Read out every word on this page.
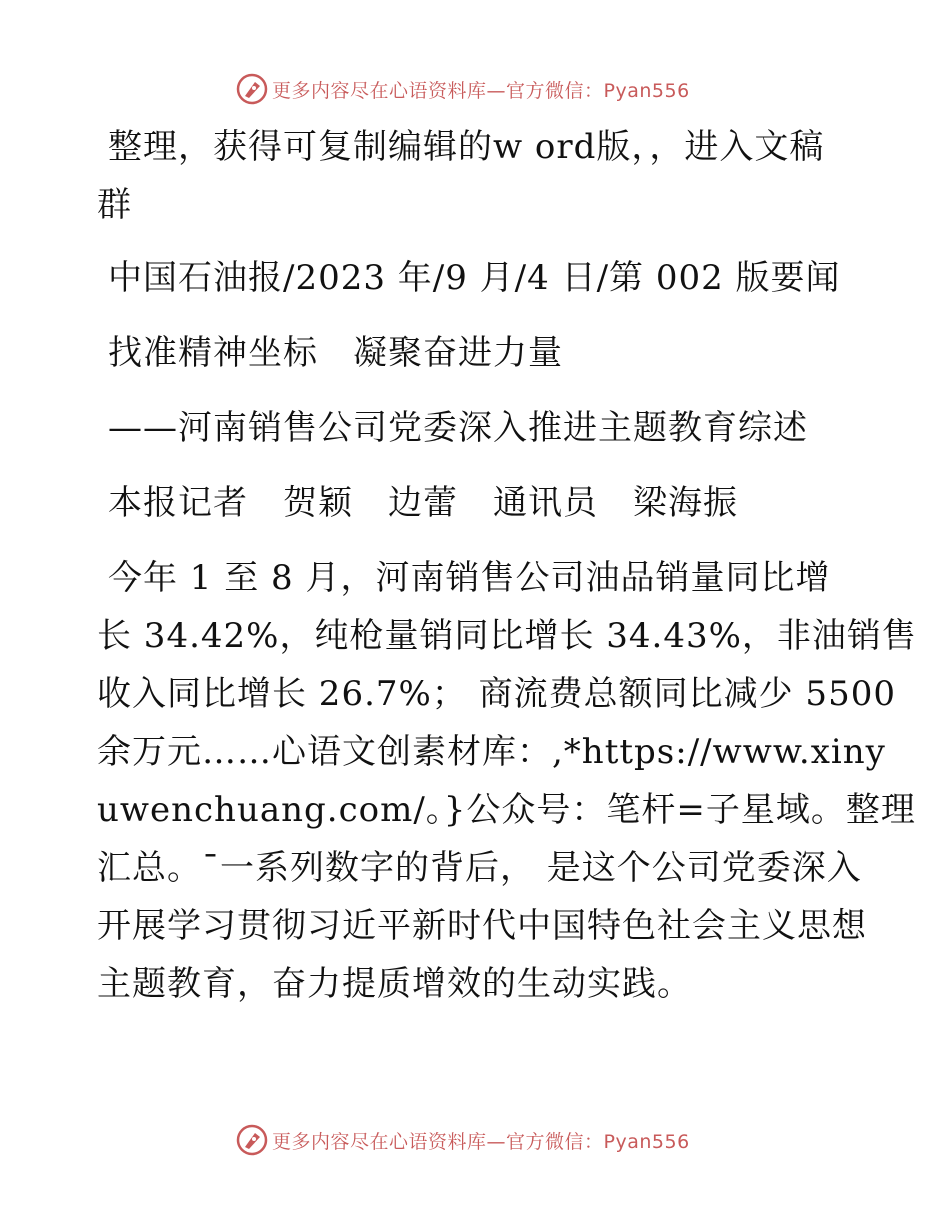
更多内容尽在心语资料库—官方微信：Pyan556
整理，获得可复制编辑的w ord版，，进入文稿
群
中国石油报/2023 年/9 月/4 日/第 002 版要闻
找准精神坐标　凝聚奋进力量
——河南销售公司党委深入推进主题教育综述
本报记者　贺颖　边蕾　通讯员　梁海振
今年 1 至 8 月，河南销售公司油品销量同比增
长 34.42%，纯枪量销同比增长 34.43%，非油销售
收入同比增长 26.7%； 商流费总额同比减少 5500
余万元……心语文创素材库：,*https://www.xiny
uwenchuang.com/。}公众号：笔杆=子星域。整理
汇总。¯一系列数字的背后， 是这个公司党委深入
开展学习贯彻习近平新时代中国特色社会主义思想
主题教育，奋力提质增效的生动实践。
更多内容尽在心语资料库—官方微信：Pyan556
